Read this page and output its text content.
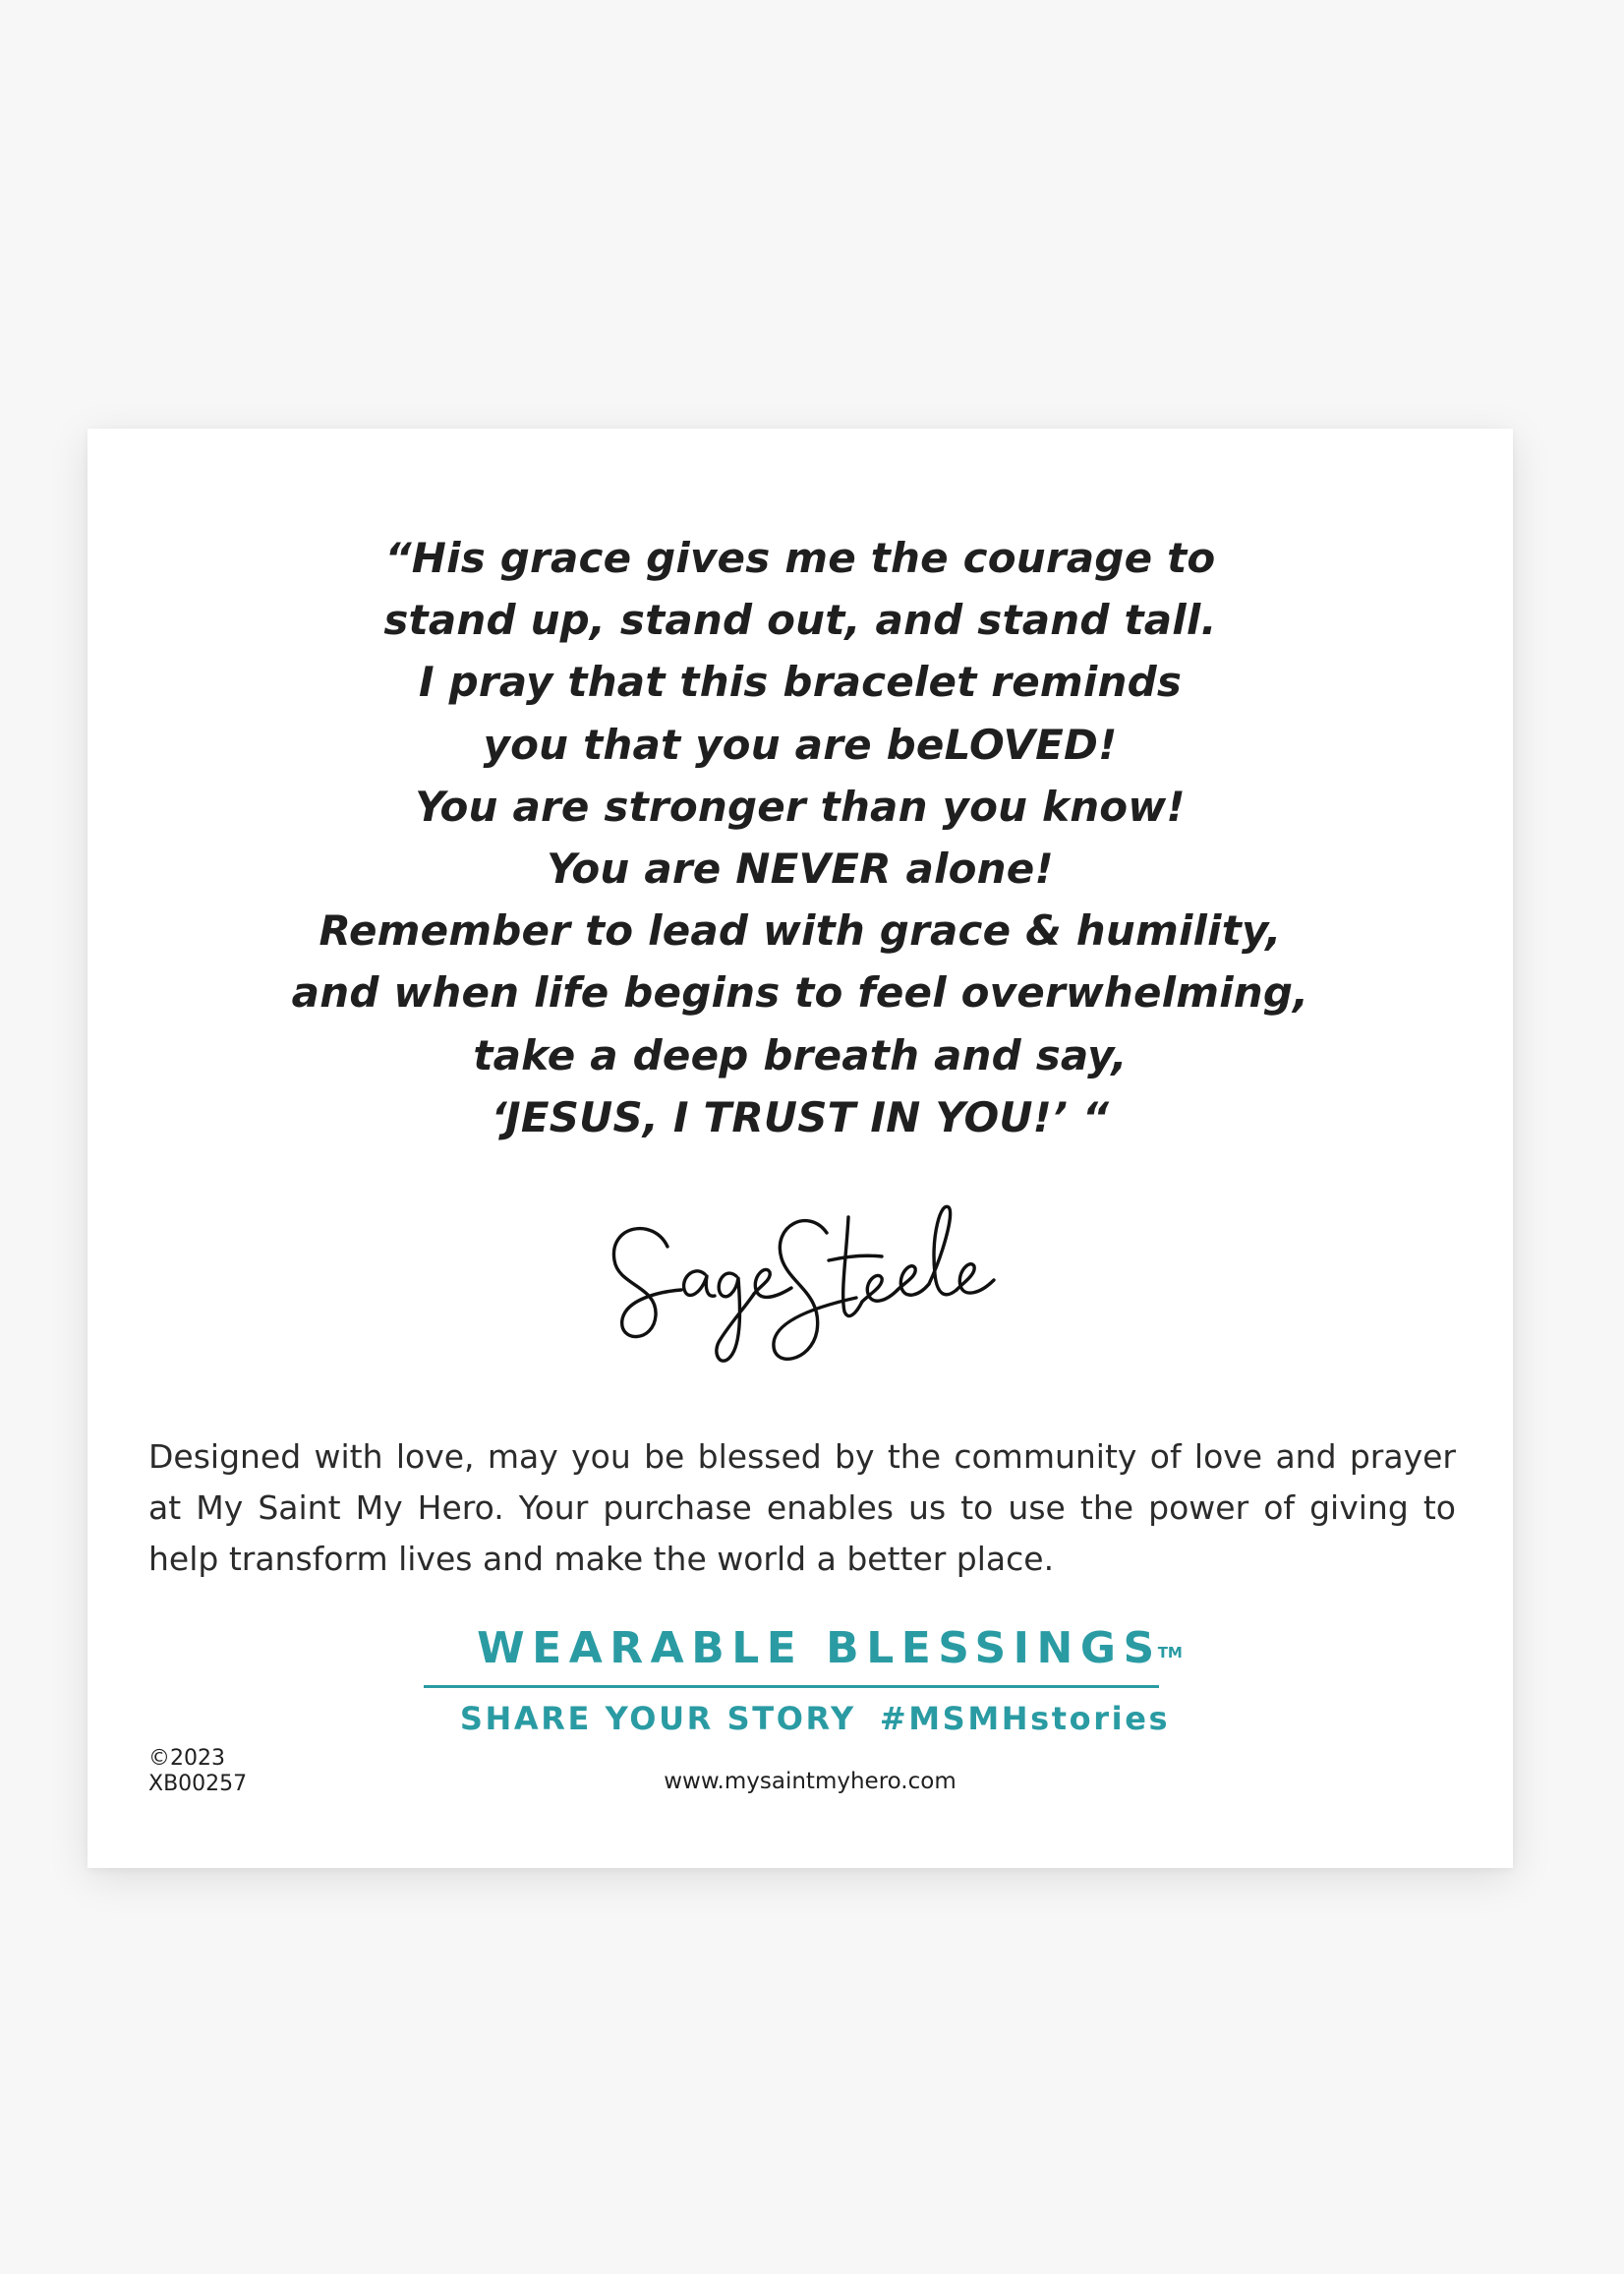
“His grace gives me the courage to
stand up, stand out, and stand tall.
I pray that this bracelet reminds
you that you are beLOVED!
You are stronger than you know!
You are NEVER alone!
Remember to lead with grace & humility,
and when life begins to feel overwhelming,
take a deep breath and say,
‘JESUS, I TRUST IN YOU!’ “
Designed with love, may you be blessed by the community of love and prayer at My Saint My Hero. Your purchase enables us to use the power of giving to help transform lives and make the world a better place.
WEARABLE BLESSINGS™
SHARE YOUR STORY #MSMHstories
©2023
XB00257	www.mysaintmyhero.com
